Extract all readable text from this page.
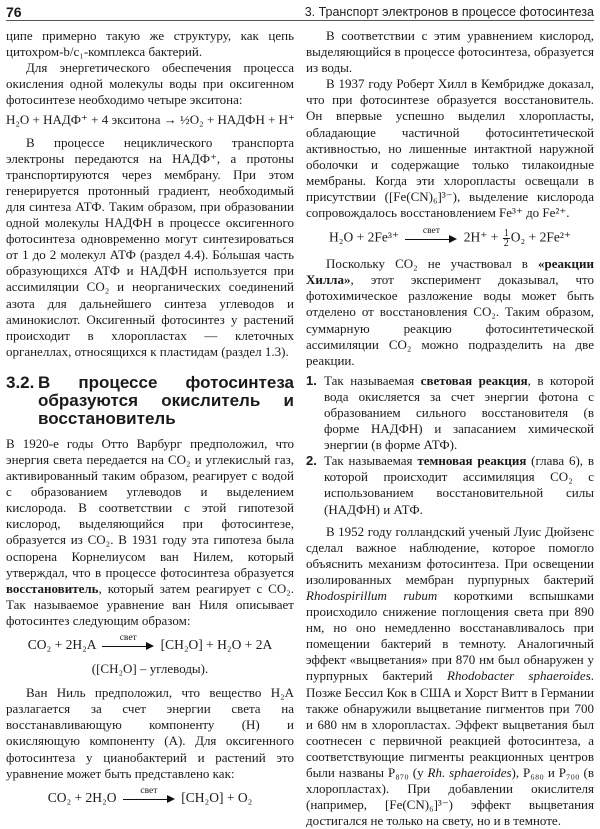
76	3. Транспорт электронов в процессе фотосинтеза

ципе примерно такую же структуру, как цепь цитохром-b/c₁-комплекса бактерий.

Для энергетического обеспечения процесса окисления одной молекулы воды при оксигенном фотосинтезе необходимо четыре экситона:

H₂O + НАДФ⁺ + 4 экситона → ½O₂ + НАДФН + H⁺

В процессе нециклического транспорта электроны передаются на НАДФ⁺, а протоны транспортируются через мембрану. При этом генерируется протонный градиент, необходимый для синтеза АТФ. Таким образом, при образовании одной молекулы НАДФН в процессе оксигенного фотосинтеза одновременно могут синтезироваться от 1 до 2 молекул АТФ (раздел 4.4). Бо́льшая часть образующихся АТФ и НАДФН используется при ассимиляции CO₂ и неорганических соединений азота для дальнейшего синтеза углеводов и аминокислот. Оксигенный фотосинтез у растений происходит в хлоропластах — клеточных органеллах, относящихся к пластидам (раздел 1.3).

3.2. В процессе фотосинтеза образуются окислитель и восстановитель

В 1920-е годы Отто Варбург предположил, что энергия света передается на CO₂ и углекислый газ, активированный таким образом, реагирует с водой с образованием углеводов и выделением кислорода. В соответствии с этой гипотезой кислород, выделяющийся при фотосинтезе, образуется из CO₂. В 1931 году эта гипотеза была оспорена Корнелиусом ван Нилем, который утверждал, что в процессе фотосинтеза образуется восстановитель, который затем реагирует с CO₂. Так называемое уравнение ван Ниля описывает фотосинтез следующим образом:

CO₂ + 2H₂A	свет	[CH₂O] + H₂O + 2A
([CH₂O] – углеводы).

Ван Ниль предположил, что вещество H₂A разлагается за счет энергии света на восстанавливающую компоненту (H) и окисляющую компоненту (A). Для оксигенного фотосинтеза у цианобактерий и растений это уравнение может быть представлено как:

CO₂ + 2H₂O	свет	[CH₂O] + O₂

В соответствии с этим уравнением кислород, выделяющийся в процессе фотосинтеза, образуется из воды.

В 1937 году Роберт Хилл в Кембридже доказал, что при фотосинтезе образуется восстановитель. Он впервые успешно выделил хлоропласты, обладающие частичной фотосинтетической активностью, но лишенные интактной наружной оболочки и содержащие только тилакоидные мембраны. Когда эти хлоропласты освещали в присутствии ([Fe(CN)₆]³⁻), выделение кислорода сопровождалось восстановлением Fe³⁺ до Fe²⁺.

H₂O + 2Fe³⁺	свет	$2H^+ + \frac{1}{2} O_2 + 2Fe^{2+}$

Поскольку CO₂ не участвовал в «реакции Хилла», этот эксперимент доказывал, что фотохимическое разложение воды может быть отделено от восстановления CO₂. Таким образом, суммарную реакцию фотосинтетической ассимиляции CO₂ можно подразделить на две реакции.

1. Так называемая световая реакция, в которой вода окисляется за счет энергии фотона с образованием сильного восстановителя (в форме НАДФН) и запасанием химической энергии (в форме АТФ).
2. Так называемая темновая реакция (глава 6), в которой происходит ассимиляция CO₂ с использованием восстановительной силы (НАДФН) и АТФ.

В 1952 году голландский ученый Луис Дюйзенс сделал важное наблюдение, которое помогло объяснить механизм фотосинтеза. При освещении изолированных мембран пурпурных бактерий Rhodospirillum rubum короткими вспышками происходило снижение поглощения света при 890 нм, но оно немедленно восстанавливалось при помещении бактерий в темноту. Аналогичный эффект «выцветания» при 870 нм был обнаружен у пурпурных бактерий Rhodobacter sphaeroides. Позже Бессил Кок в США и Хорст Витт в Германии также обнаружили выцветание пигментов при 700 и 680 нм в хлоропластах. Эффект выцветания был соотнесен с первичной реакцией фотосинтеза, а соответствующие пигменты реакционных центров были названы P₈₇₀ (у Rh. sphaeroides), P₆₈₀ и P₇₀₀ (в хлоропластах). При добавлении окислителя (например, [Fe(CN)₆]³⁻) эффект выцветания достигался не только на свету, но и в темноте.
